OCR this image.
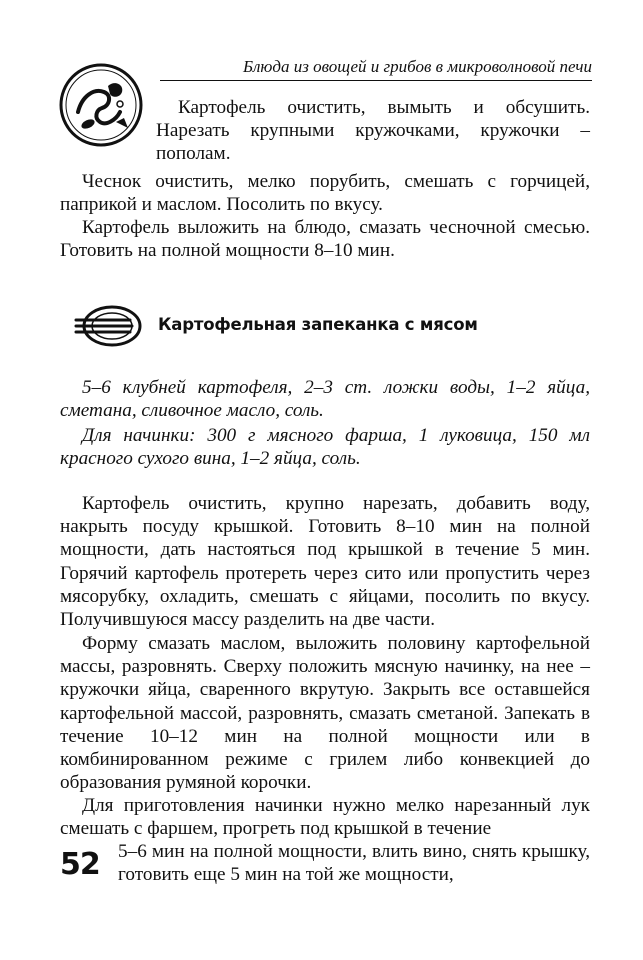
Блюда из овощей и грибов в микроволновой печи

Картофель очистить, вымыть и обсушить. Нарезать крупными кружочками, кружочки – пополам.

Чеснок очистить, мелко порубить, смешать с горчицей, паприкой и маслом. Посолить по вкусу.

Картофель выложить на блюдо, смазать чесночной смесью. Готовить на полной мощности 8–10 мин.

Картофельная запеканка с мясом

5–6 клубней картофеля, 2–3 ст. ложки воды, 1–2 яйца, сметана, сливочное масло, соль.

Для начинки: 300 г мясного фарша, 1 луковица, 150 мл красного сухого вина, 1–2 яйца, соль.

Картофель очистить, крупно нарезать, добавить воду, накрыть посуду крышкой. Готовить 8–10 мин на полной мощности, дать настояться под крышкой в течение 5 мин. Горячий картофель протереть через сито или пропустить через мясорубку, охладить, смешать с яйцами, посолить по вкусу. Получившуюся массу разделить на две части.

Форму смазать маслом, выложить половину картофельной массы, разровнять. Сверху положить мясную начинку, на нее – кружочки яйца, сваренного вкрутую. Закрыть все оставшейся картофельной массой, разровнять, смазать сметаной. Запекать в течение 10–12 мин на полной мощности или в комбинированном режиме с грилем либо конвекцией до образования румяной корочки.

Для приготовления начинки нужно мелко нарезанный лук смешать с фаршем, прогреть под крышкой в течение

5–6 мин на полной мощности, влить вино, снять крышку, готовить еще 5 мин на той же мощности,

52
